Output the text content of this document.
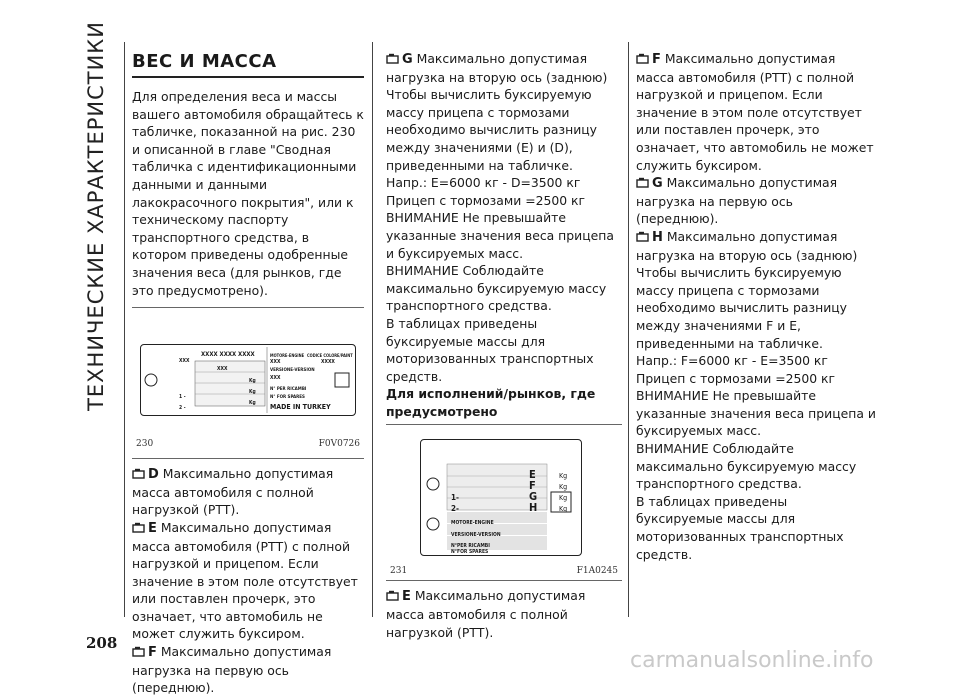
ТЕХНИЧЕСКИЕ ХАРАКТЕРИСТИКИ
208
ВЕС И МАССА

Для определения веса и массы вашего автомобиля обращайтесь к табличке, показанной на рис. 230 и описанной в главе "Сводная табличка с идентификационными данными и данными лакокрасочного покрытия", или к техническому паспорту транспортного средства, в котором приведены одобренные значения веса (для рынков, где это предусмотрено).

XXXX XXXX XXXX
XXX
XXX
Kg
Kg
Kg
1 -
2 -
MOTORE-ENGINE CODICE COLORE/PAINT
XXX	XXXX
VERSIONE-VERSION
XXX
N° PER RICAMBI
N° FOR SPARES
MADE IN TURKEY
230	F0V0726

D Максимально допустимая масса автомобиля с полной нагрузкой (РТТ).

E Максимально допустимая масса автомобиля (РТТ) с полной нагрузкой и прицепом. Если значение в этом поле отсутствует или поставлен прочерк, это означает, что автомобиль не может служить буксиром.

F Максимально допустимая нагрузка на первую ось (переднюю).

G Максимально допустимая нагрузка на вторую ось (заднюю)

Чтобы вычислить буксируемую массу прицепа с тормозами необходимо вычислить разницу между значениями (E) и (D), приведенными на табличке.

Напр.: E=6000 кг - D=3500 кг

Прицеп с тормозами =2500 кг

ВНИМАНИЕ Не превышайте указанные значения веса прицепа и буксируемых масс.

ВНИМАНИЕ Соблюдайте максимально буксируемую массу транспортного средства.

В таблицах приведены буксируемые массы для моторизованных транспортных средств.

Для исполнений/рынков, где предусмотрено

E
F
G
H
Kg
Kg
Kg
Kg
1-
2-
MOTORE-ENGINE
VERSIONE-VERSION
N°PER RICAMBI
N°FOR SPARES
231	F1A0245

E Максимально допустимая масса автомобиля с полной нагрузкой (РТТ).

F Максимально допустимая масса автомобиля (РТТ) с полной нагрузкой и прицепом. Если значение в этом поле отсутствует или поставлен прочерк, это означает, что автомобиль не может служить буксиром.

G Максимально допустимая нагрузка на первую ось (переднюю).

H Максимально допустимая нагрузка на вторую ось (заднюю)

Чтобы вычислить буксируемую массу прицепа с тормозами необходимо вычислить разницу между значениями F и E, приведенными на табличке.

Напр.: F=6000 кг - E=3500 кг

Прицеп с тормозами =2500 кг

ВНИМАНИЕ Не превышайте указанные значения веса прицепа и буксируемых масс.

ВНИМАНИЕ Соблюдайте максимально буксируемую массу транспортного средства.

В таблицах приведены буксируемые массы для моторизованных транспортных средств.

carmanualsonline.info
